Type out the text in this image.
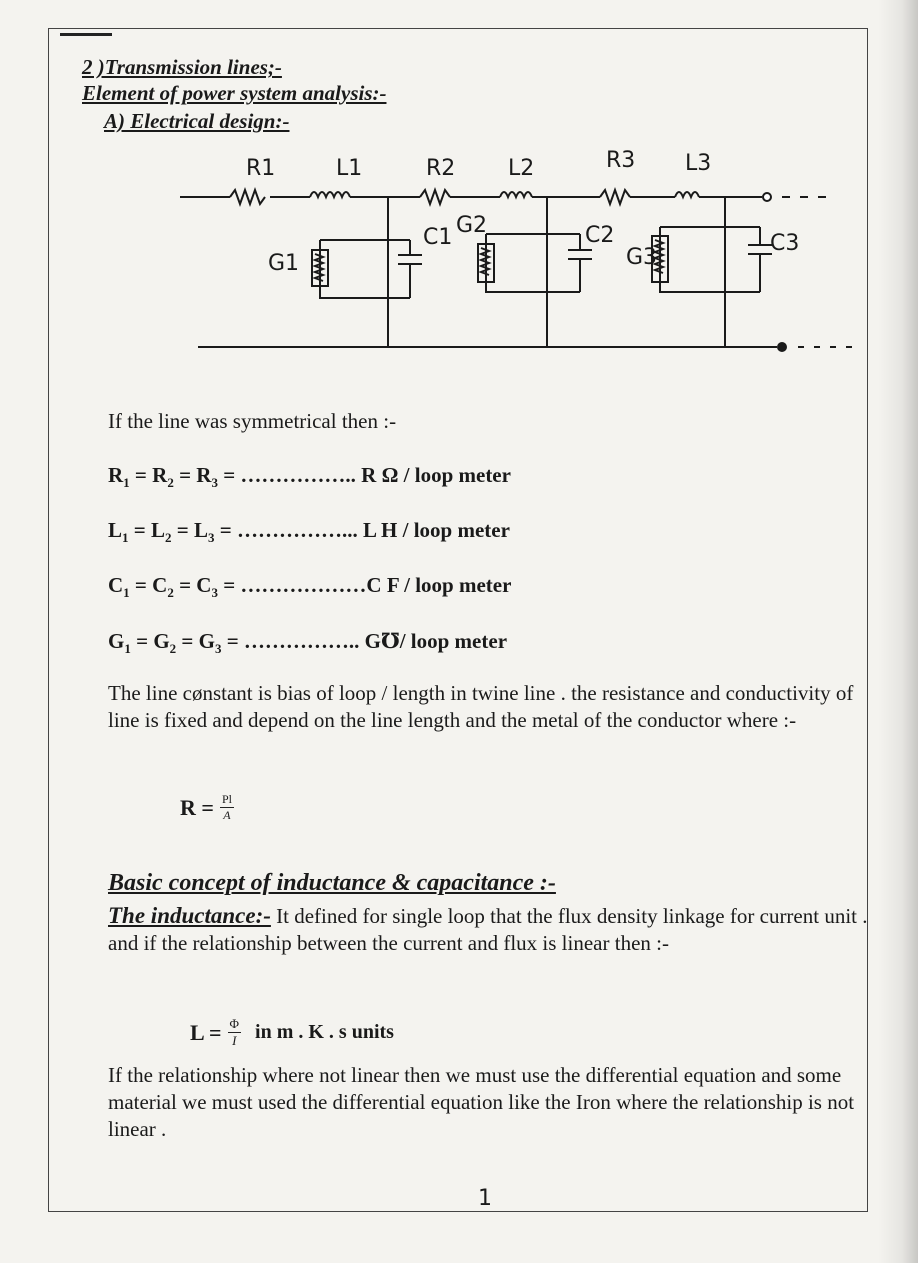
2 )Transmission lines;-

Element of power system analysis:-

A) Electrical design:-

R1	L1	R2 L2	R3 L3
G1
C1 G2	C2
G3
C3

If the line was symmetrical then :-

$R_1 = R_2 = R_3$ = …………….. R Ω / loop meter

$L_1 = L_2 = L_3$ = ……………... L H / loop meter

$C_1 = C_2 = C_3$ = ………………C F / loop meter

$G_1 = G_2 = G_3$ = …………….. G℧/ loop meter

The line cønstant is bias of loop / length in twine line . the resistance and conductivity of line is fixed and depend on the line length and the metal of the conductor where :-

$R = \frac{Pl}{A}$

Basic concept of inductance & capacitance :-

The inductance:- It defined for single loop that the flux density linkage for current unit . and if the relationship between the current and flux is linear then :-

$L = \frac{\Phi}{I}$ in m . K . s units

If the relationship where not linear then we must use the differential equation and some material we must used the differential equation like the Iron where the relationship is not linear .

1
